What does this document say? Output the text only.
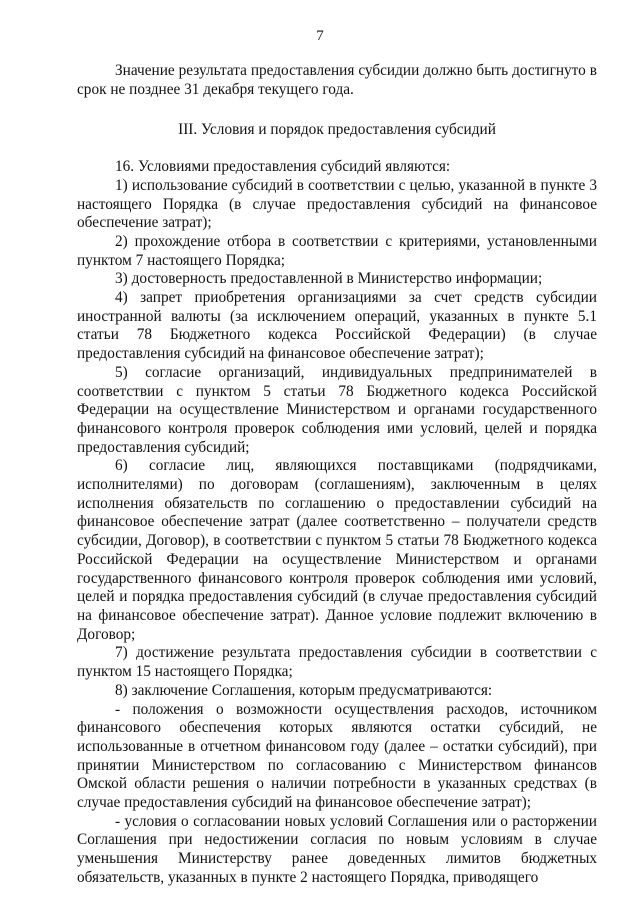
7

Значение результата предоставления субсидии должно быть достигнуто в срок не позднее 31 декабря текущего года.

III. Условия и порядок предоставления субсидий

16. Условиями предоставления субсидий являются:

1) использование субсидий в соответствии с целью, указанной в пункте 3 настоящего Порядка (в случае предоставления субсидий на финансовое обеспечение затрат);

2) прохождение отбора в соответствии с критериями, установленными пунктом 7 настоящего Порядка;

3) достоверность предоставленной в Министерство информации;

4) запрет приобретения организациями за счет средств субсидии иностранной валюты (за исключением операций, указанных в пункте 5.1 статьи 78 Бюджетного кодекса Российской Федерации) (в случае предоставления субсидий на финансовое обеспечение затрат);

5) согласие организаций, индивидуальных предпринимателей в соответствии с пунктом 5 статьи 78 Бюджетного кодекса Российской Федерации на осуществление Министерством и органами государственного финансового контроля проверок соблюдения ими условий, целей и порядка предоставления субсидий;

6) согласие лиц, являющихся поставщиками (подрядчиками, исполнителями) по договорам (соглашениям), заключенным в целях исполнения обязательств по соглашению о предоставлении субсидий на финансовое обеспечение затрат (далее соответственно – получатели средств субсидии, Договор), в соответствии с пунктом 5 статьи 78 Бюджетного кодекса Российской Федерации на осуществление Министерством и органами государственного финансового контроля проверок соблюдения ими условий, целей и порядка предоставления субсидий (в случае предоставления субсидий на финансовое обеспечение затрат). Данное условие подлежит включению в Договор;

7) достижение результата предоставления субсидии в соответствии с пунктом 15 настоящего Порядка;

8) заключение Соглашения, которым предусматриваются:

- положения о возможности осуществления расходов, источником финансового обеспечения которых являются остатки субсидий, не использованные в отчетном финансовом году (далее – остатки субсидий), при принятии Министерством по согласованию с Министерством финансов Омской области решения о наличии потребности в указанных средствах (в случае предоставления субсидий на финансовое обеспечение затрат);

- условия о согласовании новых условий Соглашения или о расторжении Соглашения при недостижении согласия по новым условиям в случае уменьшения Министерству ранее доведенных лимитов бюджетных обязательств, указанных в пункте 2 настоящего Порядка, приводящего
